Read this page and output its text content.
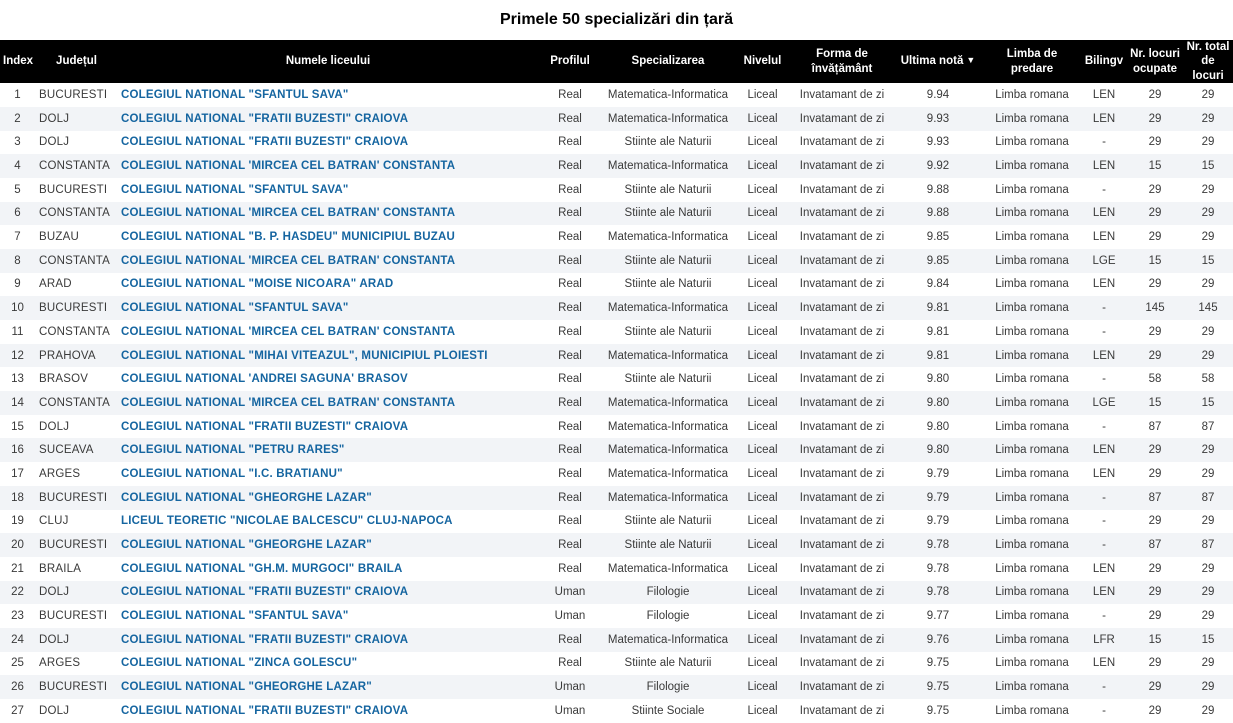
Primele 50 specializări din țară
Index	Județul	Numele liceului	Profilul	Specializarea	Nivelul	Forma de învățământ	Ultima notă ▼	Limba de predare	Bilingv	Nr. locuri ocupate	Nr. total de locuri
1	BUCURESTI	COLEGIUL NATIONAL "SFANTUL SAVA"	Real	Matematica-Informatica	Liceal	Invatamant de zi	9.94	Limba romana	LEN	29	29
2	DOLJ	COLEGIUL NATIONAL "FRATII BUZESTI" CRAIOVA	Real	Matematica-Informatica	Liceal	Invatamant de zi	9.93	Limba romana	LEN	29	29
3	DOLJ	COLEGIUL NATIONAL "FRATII BUZESTI" CRAIOVA	Real	Stiinte ale Naturii	Liceal	Invatamant de zi	9.93	Limba romana	-	29	29
4	CONSTANTA	COLEGIUL NATIONAL 'MIRCEA CEL BATRAN' CONSTANTA	Real	Matematica-Informatica	Liceal	Invatamant de zi	9.92	Limba romana	LEN	15	15
5	BUCURESTI	COLEGIUL NATIONAL "SFANTUL SAVA"	Real	Stiinte ale Naturii	Liceal	Invatamant de zi	9.88	Limba romana	-	29	29
6	CONSTANTA	COLEGIUL NATIONAL 'MIRCEA CEL BATRAN' CONSTANTA	Real	Stiinte ale Naturii	Liceal	Invatamant de zi	9.88	Limba romana	LEN	29	29
7	BUZAU	COLEGIUL NATIONAL "B. P. HASDEU" MUNICIPIUL BUZAU	Real	Matematica-Informatica	Liceal	Invatamant de zi	9.85	Limba romana	LEN	29	29
8	CONSTANTA	COLEGIUL NATIONAL 'MIRCEA CEL BATRAN' CONSTANTA	Real	Stiinte ale Naturii	Liceal	Invatamant de zi	9.85	Limba romana	LGE	15	15
9	ARAD	COLEGIUL NATIONAL "MOISE NICOARA" ARAD	Real	Stiinte ale Naturii	Liceal	Invatamant de zi	9.84	Limba romana	LEN	29	29
10	BUCURESTI	COLEGIUL NATIONAL "SFANTUL SAVA"	Real	Matematica-Informatica	Liceal	Invatamant de zi	9.81	Limba romana	-	145	145
11	CONSTANTA	COLEGIUL NATIONAL 'MIRCEA CEL BATRAN' CONSTANTA	Real	Stiinte ale Naturii	Liceal	Invatamant de zi	9.81	Limba romana	-	29	29
12	PRAHOVA	COLEGIUL NATIONAL "MIHAI VITEAZUL", MUNICIPIUL PLOIESTI	Real	Matematica-Informatica	Liceal	Invatamant de zi	9.81	Limba romana	LEN	29	29
13	BRASOV	COLEGIUL NATIONAL 'ANDREI SAGUNA' BRASOV	Real	Stiinte ale Naturii	Liceal	Invatamant de zi	9.80	Limba romana	-	58	58
14	CONSTANTA	COLEGIUL NATIONAL 'MIRCEA CEL BATRAN' CONSTANTA	Real	Matematica-Informatica	Liceal	Invatamant de zi	9.80	Limba romana	LGE	15	15
15	DOLJ	COLEGIUL NATIONAL "FRATII BUZESTI" CRAIOVA	Real	Matematica-Informatica	Liceal	Invatamant de zi	9.80	Limba romana	-	87	87
16	SUCEAVA	COLEGIUL NATIONAL "PETRU RARES"	Real	Matematica-Informatica	Liceal	Invatamant de zi	9.80	Limba romana	LEN	29	29
17	ARGES	COLEGIUL NATIONAL "I.C. BRATIANU"	Real	Matematica-Informatica	Liceal	Invatamant de zi	9.79	Limba romana	LEN	29	29
18	BUCURESTI	COLEGIUL NATIONAL "GHEORGHE LAZAR"	Real	Matematica-Informatica	Liceal	Invatamant de zi	9.79	Limba romana	-	87	87
19	CLUJ	LICEUL TEORETIC "NICOLAE BALCESCU" CLUJ-NAPOCA	Real	Stiinte ale Naturii	Liceal	Invatamant de zi	9.79	Limba romana	-	29	29
20	BUCURESTI	COLEGIUL NATIONAL "GHEORGHE LAZAR"	Real	Stiinte ale Naturii	Liceal	Invatamant de zi	9.78	Limba romana	-	87	87
21	BRAILA	COLEGIUL NATIONAL "GH.M. MURGOCI" BRAILA	Real	Matematica-Informatica	Liceal	Invatamant de zi	9.78	Limba romana	LEN	29	29
22	DOLJ	COLEGIUL NATIONAL "FRATII BUZESTI" CRAIOVA	Uman	Filologie	Liceal	Invatamant de zi	9.78	Limba romana	LEN	29	29
23	BUCURESTI	COLEGIUL NATIONAL "SFANTUL SAVA"	Uman	Filologie	Liceal	Invatamant de zi	9.77	Limba romana	-	29	29
24	DOLJ	COLEGIUL NATIONAL "FRATII BUZESTI" CRAIOVA	Real	Matematica-Informatica	Liceal	Invatamant de zi	9.76	Limba romana	LFR	15	15
25	ARGES	COLEGIUL NATIONAL "ZINCA GOLESCU"	Real	Stiinte ale Naturii	Liceal	Invatamant de zi	9.75	Limba romana	LEN	29	29
26	BUCURESTI	COLEGIUL NATIONAL "GHEORGHE LAZAR"	Uman	Filologie	Liceal	Invatamant de zi	9.75	Limba romana	-	29	29
27	DOLJ	COLEGIUL NATIONAL "FRATII BUZESTI" CRAIOVA	Uman	Stiinte Sociale	Liceal	Invatamant de zi	9.75	Limba romana	-	29	29
